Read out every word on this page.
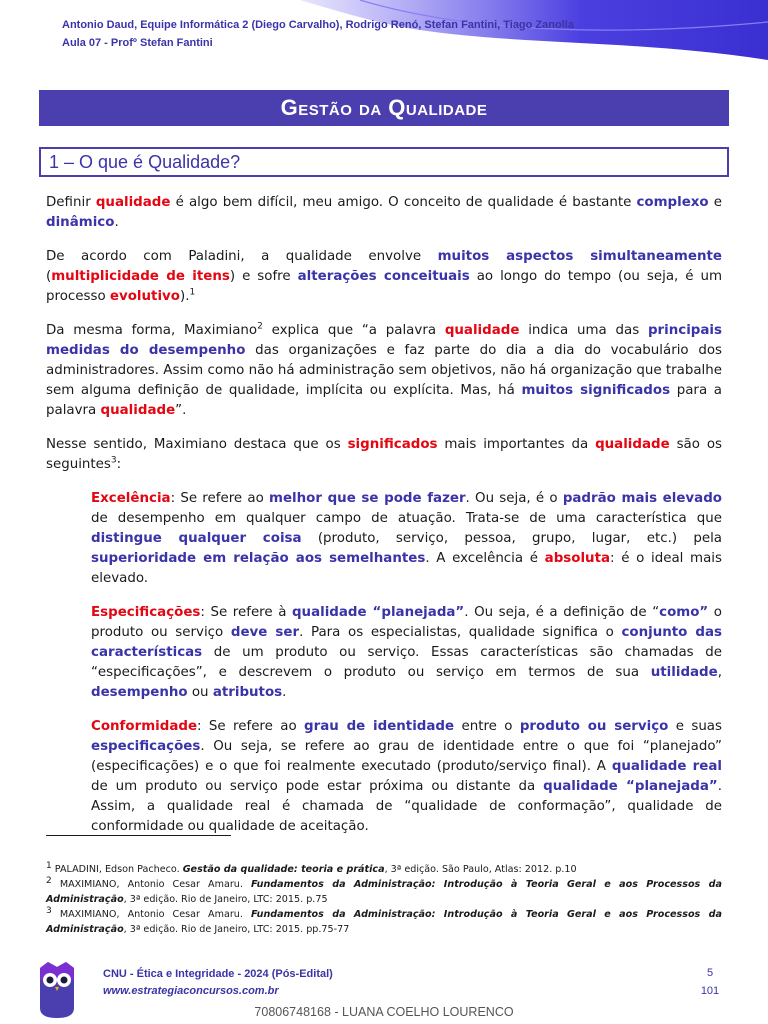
Antonio Daud, Equipe Informática 2 (Diego Carvalho), Rodrigo Renó, Stefan Fantini, Tiago Zanolla
Aula 07 - Profº Stefan Fantini
Gestão da Qualidade
1 – O que é Qualidade?

Definir qualidade é algo bem difícil, meu amigo. O conceito de qualidade é bastante complexo e dinâmico.

De acordo com Paladini, a qualidade envolve muitos aspectos simultaneamente (multiplicidade de itens) e sofre alterações conceituais ao longo do tempo (ou seja, é um processo evolutivo).$^1$

Da mesma forma, Maximiano$^2$ explica que “a palavra qualidade indica uma das principais medidas do desempenho das organizações e faz parte do dia a dia do vocabulário dos administradores. Assim como não há administração sem objetivos, não há organização que trabalhe sem alguma definição de qualidade, implícita ou explícita. Mas, há muitos significados para a palavra qualidade”.

Nesse sentido, Maximiano destaca que os significados mais importantes da qualidade são os seguintes$^3$:

Excelência: Se refere ao melhor que se pode fazer. Ou seja, é o padrão mais elevado de desempenho em qualquer campo de atuação. Trata-se de uma característica que distingue qualquer coisa (produto, serviço, pessoa, grupo, lugar, etc.) pela superioridade em relação aos semelhantes. A excelência é absoluta: é o ideal mais elevado.

Especificações: Se refere à qualidade “planejada”. Ou seja, é a definição de “como” o produto ou serviço deve ser. Para os especialistas, qualidade significa o conjunto das características de um produto ou serviço. Essas características são chamadas de “especificações”, e descrevem o produto ou serviço em termos de sua utilidade, desempenho ou atributos.

Conformidade: Se refere ao grau de identidade entre o produto ou serviço e suas especificações. Ou seja, se refere ao grau de identidade entre o que foi “planejado” (especificações) e o que foi realmente executado (produto/serviço final). A qualidade real de um produto ou serviço pode estar próxima ou distante da qualidade “planejada”. Assim, a qualidade real é chamada de “qualidade de conformação”, qualidade de conformidade ou qualidade de aceitação.

$^1$ PALADINI, Edson Pacheco. Gestão da qualidade: teoria e prática, 3ª edição. São Paulo, Atlas: 2012. p.10
$^2$ MAXIMIANO, Antonio Cesar Amaru. Fundamentos da Administração: Introdução à Teoria Geral e aos Processos da Administração, 3ª edição. Rio de Janeiro, LTC: 2015. p.75
$^3$ MAXIMIANO, Antonio Cesar Amaru. Fundamentos da Administração: Introdução à Teoria Geral e aos Processos da Administração, 3ª edição. Rio de Janeiro, LTC: 2015. pp.75-77
CNU - Ética e Integridade - 2024 (Pós-Edital)
www.estrategiaconcursos.com.br
5
101
70806748168 - LUANA COELHO LOURENCO
